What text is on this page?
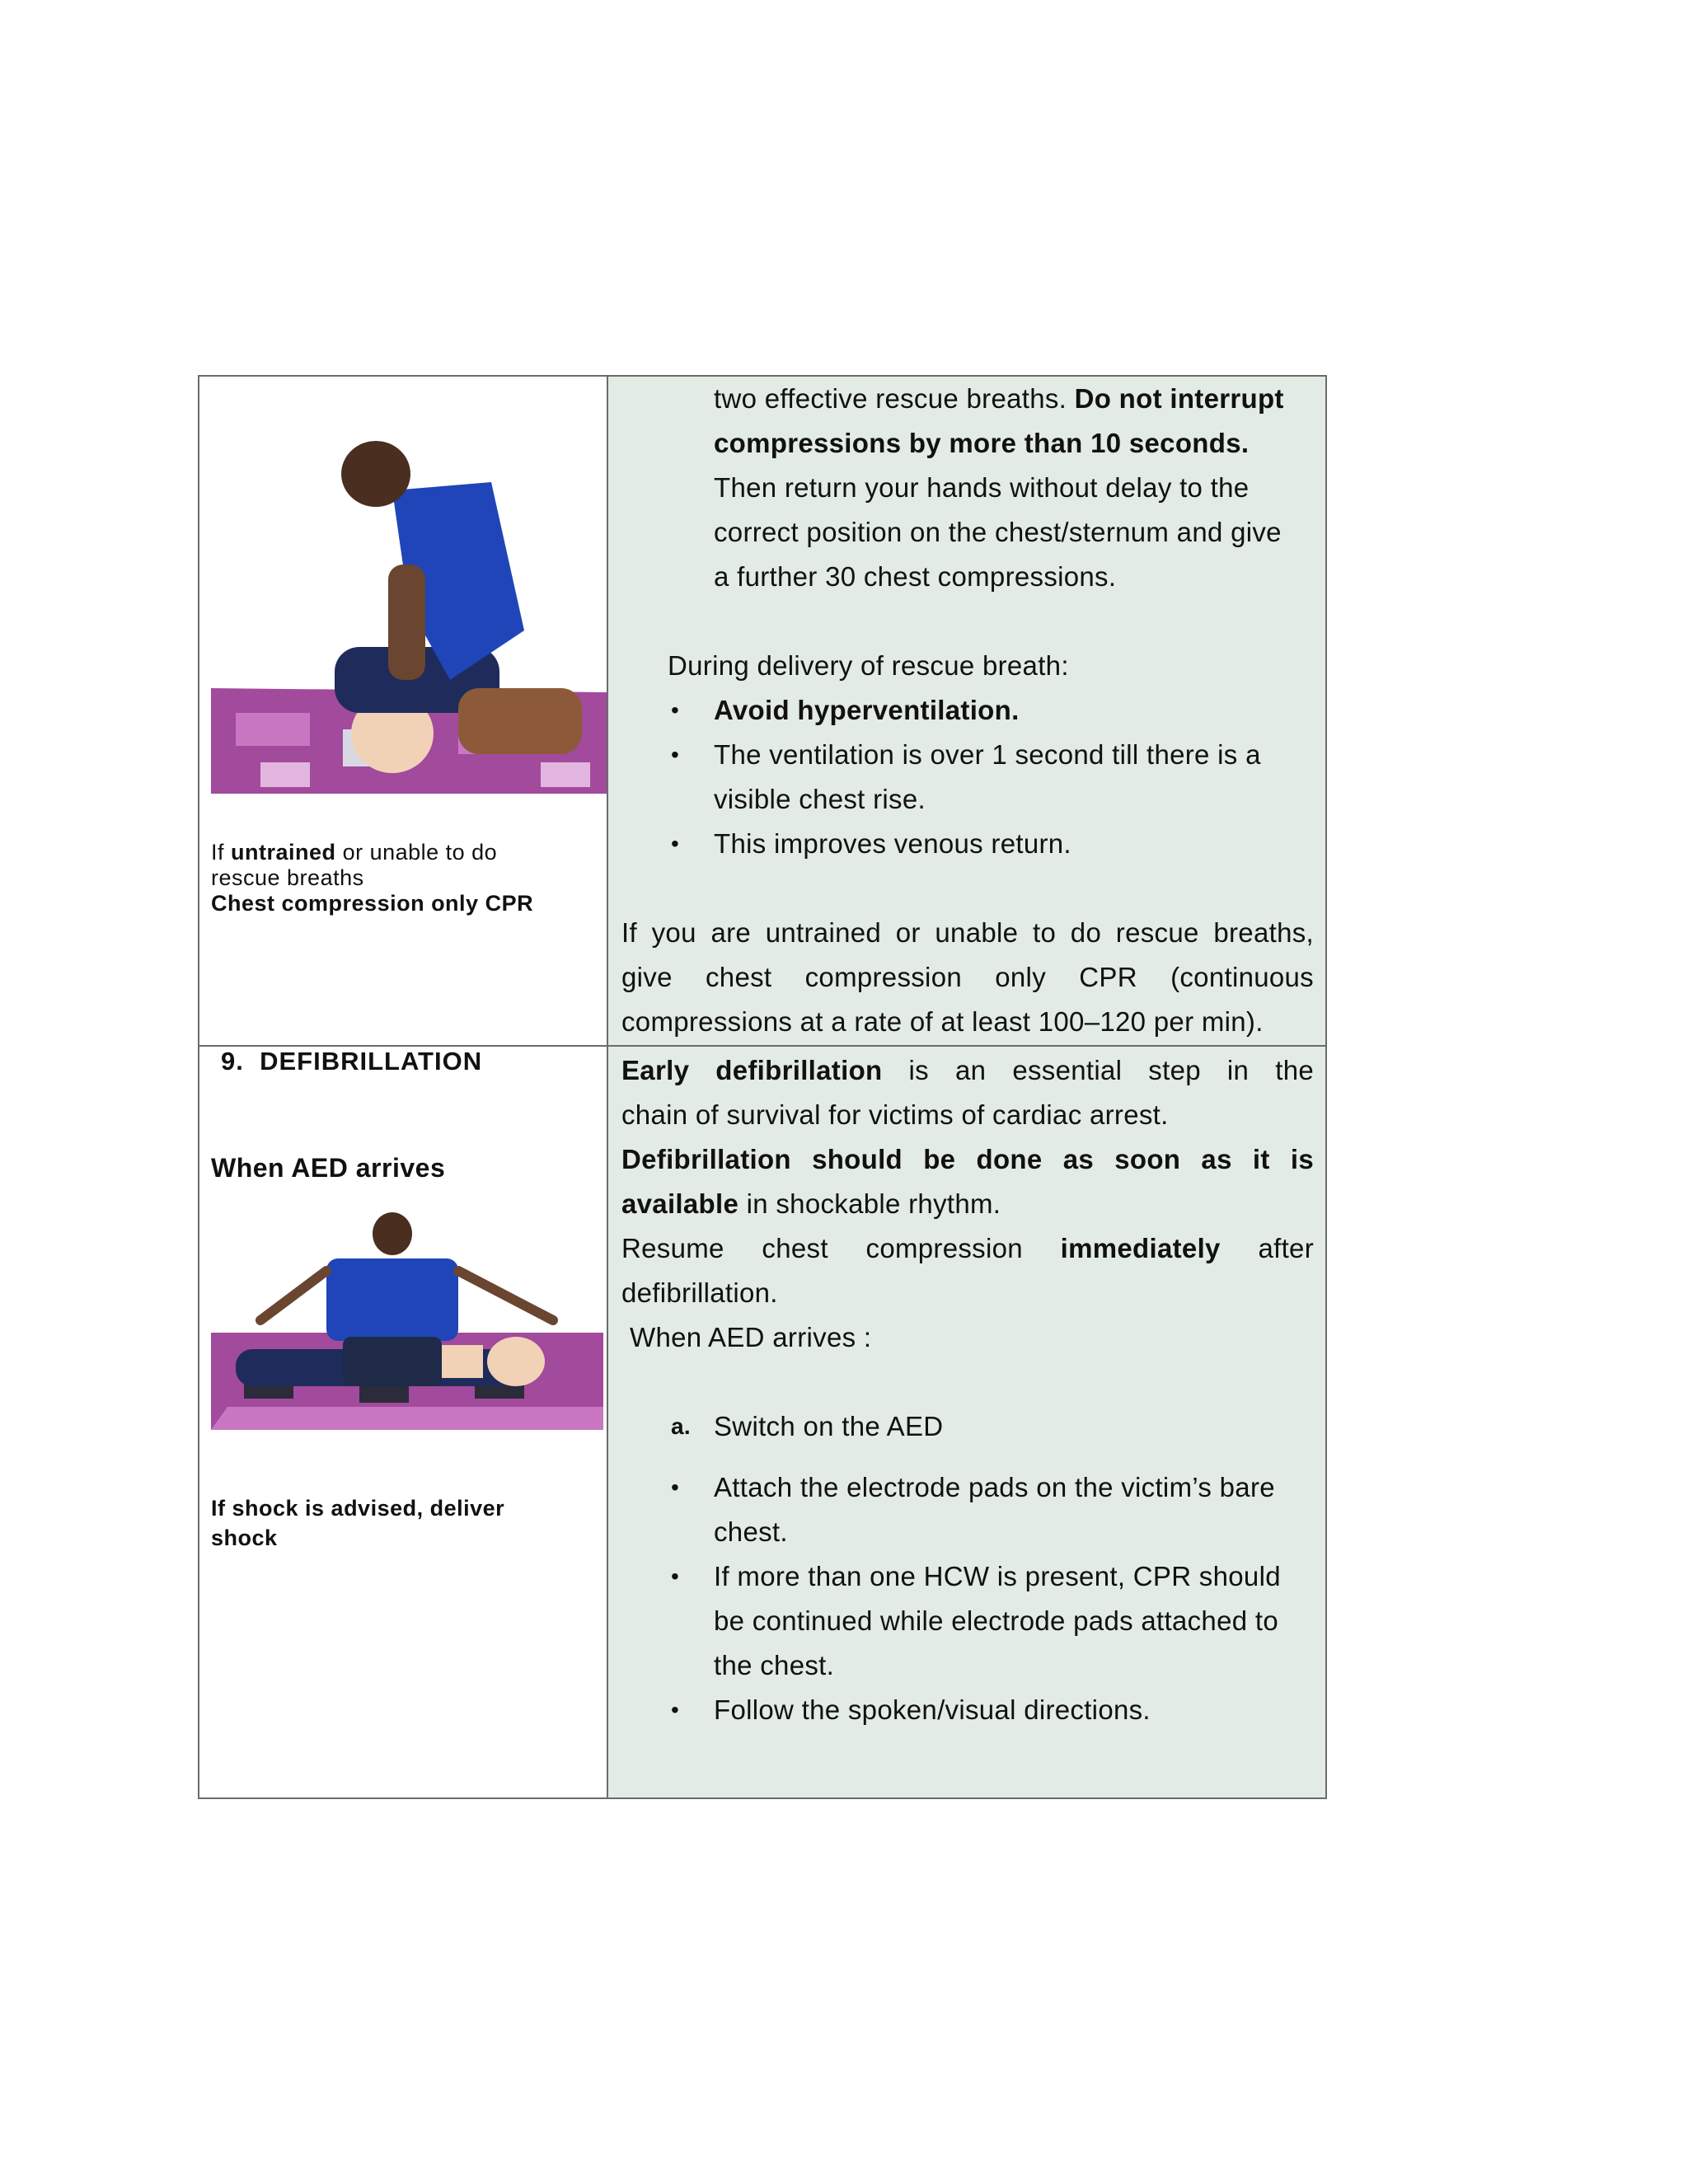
If untrained or unable to do
rescue breaths
Chest compression only CPR
two effective rescue breaths. Do not interrupt
compressions by more than 10 seconds.
Then return your hands without delay to the
correct position on the chest/sternum and give
a further 30 chest compressions.
During delivery of rescue breath:
• Avoid hyperventilation.
• The ventilation is over 1 second till there is a
visible chest rise.
• This improves venous return.
If you are untrained or unable to do rescue breaths,
give chest compression only CPR (continuous
compressions at a rate of at least 100–120 per min).
9. DEFIBRILLATION
When AED arrives
If shock is advised, deliver
shock
Early defibrillation is an essential step in the
chain of survival for victims of cardiac arrest.
Defibrillation should be done as soon as it is
available in shockable rhythm.
Resume chest compression immediately after
defibrillation.
When AED arrives :
a. Switch on the AED
• Attach the electrode pads on the victim’s bare
chest.
• If more than one HCW is present, CPR should
be continued while electrode pads attached to
the chest.
• Follow the spoken/visual directions.
